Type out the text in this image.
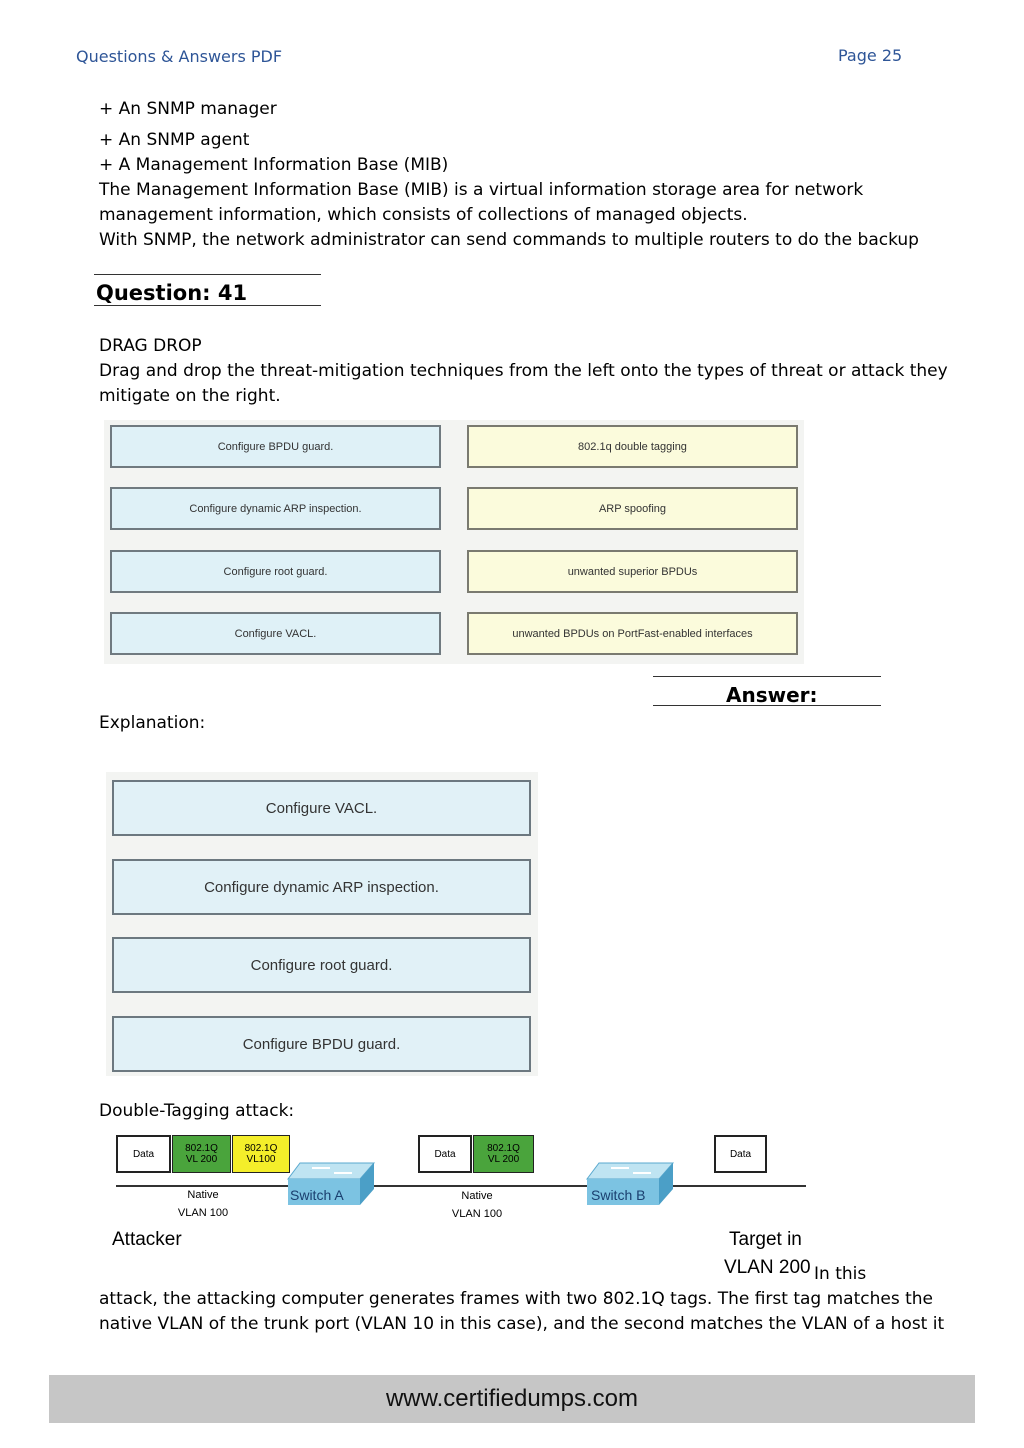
Questions & Answers PDF	Page 25
+ An SNMP manager
+ An SNMP agent
+ A Management Information Base (MIB)
The Management Information Base (MIB) is a virtual information storage area for network
management information, which consists of collections of managed objects.
With SNMP, the network administrator can send commands to multiple routers to do the backup
Question: 41
DRAG DROP
Drag and drop the threat-mitigation techniques from the left onto the types of threat or attack they
mitigate on the right.
Configure BPDU guard.
Configure dynamic ARP inspection.
Configure root guard.
Configure VACL.
802.1q double tagging
ARP spoofing
unwanted superior BPDUs
unwanted BPDUs on PortFast-enabled interfaces
Answer:
Explanation:
Configure VACL.
Configure dynamic ARP inspection.
Configure root guard.
Configure BPDU guard.
Double-Tagging attack:
Data	802.1Q
VL 200
802.1Q
VL100	Data	802.1Q
VL 200	Data
Switch A	Switch B
Native
VLAN 100
Native
VLAN 100
Attacker	Target in
VLAN 200 In this
attack, the attacking computer generates frames with two 802.1Q tags. The first tag matches the
native VLAN of the trunk port (VLAN 10 in this case), and the second matches the VLAN of a host it
www.certifiedumps.com
